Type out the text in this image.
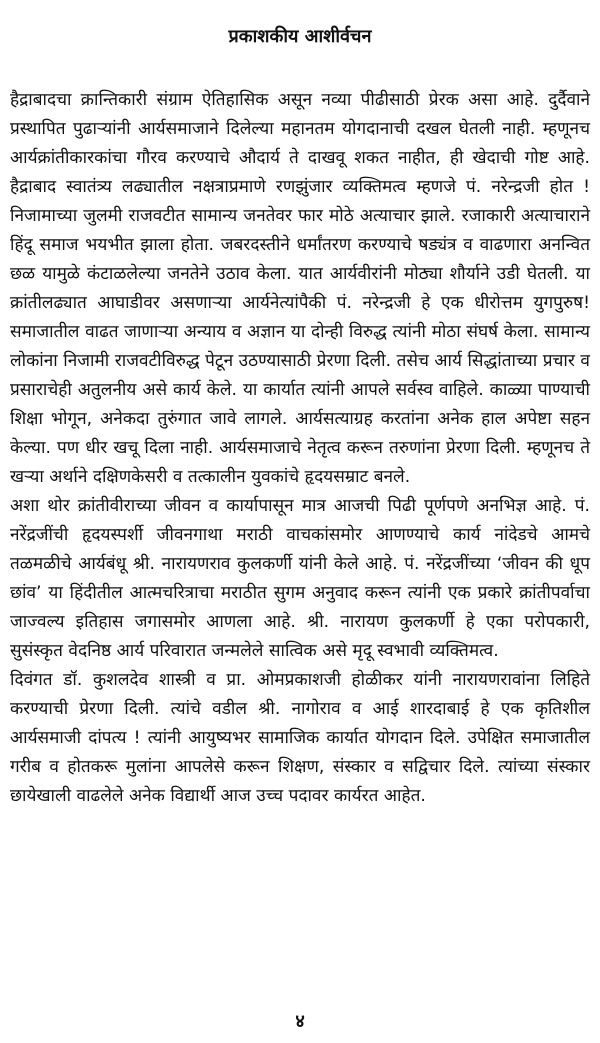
प्रकाशकीय आशीर्वचन

हैद्राबादचा क्रान्तिकारी संग्राम ऐतिहासिक असून नव्या पीढीसाठी प्रेरक असा आहे. दुर्दैवाने प्रस्थापित पुढाऱ्यांनी आर्यसमाजाने दिलेल्या महानतम योगदानाची दखल घेतली नाही. म्हणूनच आर्यक्रांतीकारकांचा गौरव करण्याचे औदार्य ते दाखवू शकत नाहीत, ही खेदाची गोष्ट आहे. हैद्राबाद स्वातंत्र्य लढ्यातील नक्षत्राप्रमाणे रणझुंजार व्यक्तिमत्व म्हणजे पं. नरेन्द्रजी होत ! निजामाच्या जुलमी राजवटीत सामान्य जनतेवर फार मोठे अत्याचार झाले. रजाकारी अत्याचाराने हिंदू समाज भयभीत झाला होता. जबरदस्तीने धर्मांतरण करण्याचे षड्यंत्र व वाढणारा अनन्वित छळ यामुळे कंटाळलेल्या जनतेने उठाव केला. यात आर्यवीरांनी मोठ्या शौर्याने उडी घेतली. या क्रांतीलढ्यात आघाडीवर असणाऱ्या आर्यनेत्यांपैकी पं. नरेन्द्रजी हे एक धीरोत्तम युगपुरुष! समाजातील वाढत जाणाऱ्या अन्याय व अज्ञान या दोन्ही विरुद्ध त्यांनी मोठा संघर्ष केला. सामान्य लोकांना निजामी राजवटीविरुद्ध पेटून उठण्यासाठी प्रेरणा दिली. तसेच आर्य सिद्धांताच्या प्रचार व प्रसाराचेही अतुलनीय असे कार्य केले. या कार्यात त्यांनी आपले सर्वस्व वाहिले. काळ्या पाण्याची शिक्षा भोगून, अनेकदा तुरुंगात जावे लागले. आर्यसत्याग्रह करतांना अनेक हाल अपेष्टा सहन केल्या. पण धीर खचू दिला नाही. आर्यसमाजाचे नेतृत्व करून तरुणांना प्रेरणा दिली. म्हणूनच ते खऱ्या अर्थाने दक्षिणकेसरी व तत्कालीन युवकांचे हृदयसम्राट बनले.

अशा थोर क्रांतीवीराच्या जीवन व कार्यापासून मात्र आजची पिढी पूर्णपणे अनभिज्ञ आहे. पं. नरेंद्रजींची हृदयस्पर्शी जीवनगाथा मराठी वाचकांसमोर आणण्याचे कार्य नांदेडचे आमचे तळमळीचे आर्यबंधू श्री. नारायणराव कुलकर्णी यांनी केले आहे. पं. नरेंद्रजींच्या ‘जीवन की धूप छांव’ या हिंदीतील आत्मचरित्राचा मराठीत सुगम अनुवाद करून त्यांनी एक प्रकारे क्रांतीपर्वाचा जाज्वल्य इतिहास जगासमोर आणला आहे. श्री. नारायण कुलकर्णी हे एका परोपकारी, सुसंस्कृत वेदनिष्ठ आर्य परिवारात जन्मलेले सात्विक असे मृदू स्वभावी व्यक्तिमत्व.

दिवंगत डॉ. कुशलदेव शास्त्री व प्रा. ओमप्रकाशजी होळीकर यांनी नारायणरावांना लिहिते करण्याची प्रेरणा दिली. त्यांचे वडील श्री. नागोराव व आई शारदाबाई हे एक कृतिशील आर्यसमाजी दांपत्य ! त्यांनी आयुष्यभर सामाजिक कार्यात योगदान दिले. उपेक्षित समाजातील गरीब व होतकरू मुलांना आपलेसे करून शिक्षण, संस्कार व सद्विचार दिले. त्यांच्या संस्कार छायेखाली वाढलेले अनेक विद्यार्थी आज उच्च पदावर कार्यरत आहेत.

४
